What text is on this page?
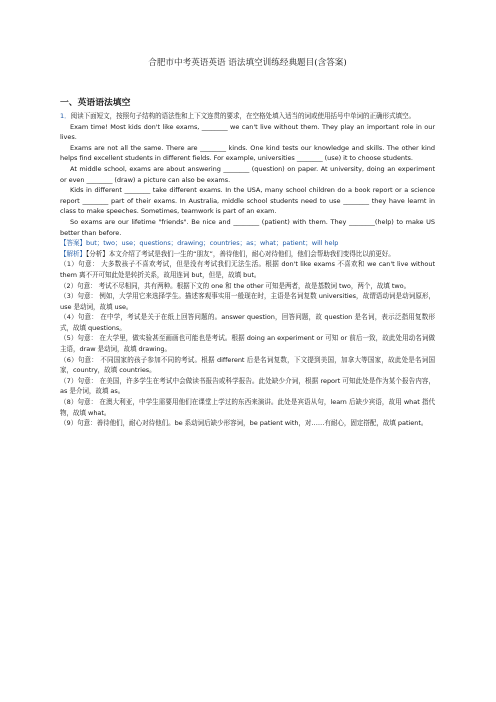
合肥市中考英语英语 语法填空训练经典题目(含答案)
一、英语语法填空

1．阅读下面短文，按照句子结构的语法性和上下文连贯的要求，在空格处填入适当的词或使用括号中单词的正确形式填空。

Exam time! Most kids don't like exams, ________ we can't live without them. They play an important role in our lives.

Exams are not all the same. There are ________ kinds. One kind tests our knowledge and skills. The other kind helps find excellent students in different fields. For example, universities ________ (use) it to choose students.

At middle school, exams are about answering ________ (question) on paper. At university, doing an experiment or even ________ (draw) a picture can also be exams.

Kids in different ________ take different exams. In the USA, many school children do a book report or a science report ________ part of their exams. In Australia, middle school students need to use ________ they have learnt in class to make speeches. Sometimes, teamwork is part of an exam.

So exams are our lifetime "friends". Be nice and ________ (patient) with them. They ________(help) to make US better than before.

【答案】but；two；use；questions；drawing；countries；as；what；patient；will help

【解析】【分析】本文介绍了考试是我们一生的“朋友”，善待他们，耐心对待他们，他们会帮助我们变得比以前更好。

（1）句意： 大多数孩子不喜欢考试，但是没有考试我们无法生活。根据 don't like exams 不喜欢和 we can't live without them 离不开可知此处是转折关系，故用连词 but，但是，故填 but。

（2）句意： 考试不尽相同，共有两种。根据下文的 one 和 the other 可知是两者，故是基数词 two，两个，故填 two。

（3）句意： 例如，大学用它来选择学生。描述客观事实用一般现在时，主语是名词复数 universities，故谓语动词是动词原形，use 是动词，故填 use。

（4）句意： 在中学，考试是关于在纸上回答问题的。answer question，回答问题，故 question 是名词，表示泛指用复数形式，故填 questions。

（5）句意： 在大学里，做实验甚至画画也可能也是考试。根据 doing an experiment or 可知 or 前后一致，故此处用动名词做主语，draw 是动词，故填 drawing。

（6）句意： 不同国家的孩子参加不同的考试。根据 different 后是名词复数，下文提到美国，加拿大等国家，故此处是名词国家，country，故填 countries。

（7）句意： 在美国，许多学生在考试中会做读书报告或科学报告。此处缺少介词，根据 report 可知此处是作为某个报告内容，as 是介词，故填 as。

（8）句意： 在澳大利亚，中学生需要用他们在课堂上学过的东西来演讲。此处是宾语从句，learn 后缺少宾语，故用 what 指代物，故填 what。

（9）句意：善待他们，耐心对待他们。be 系动词后缺少形容词，be patient with，对……有耐心，固定搭配，故填 patient。
